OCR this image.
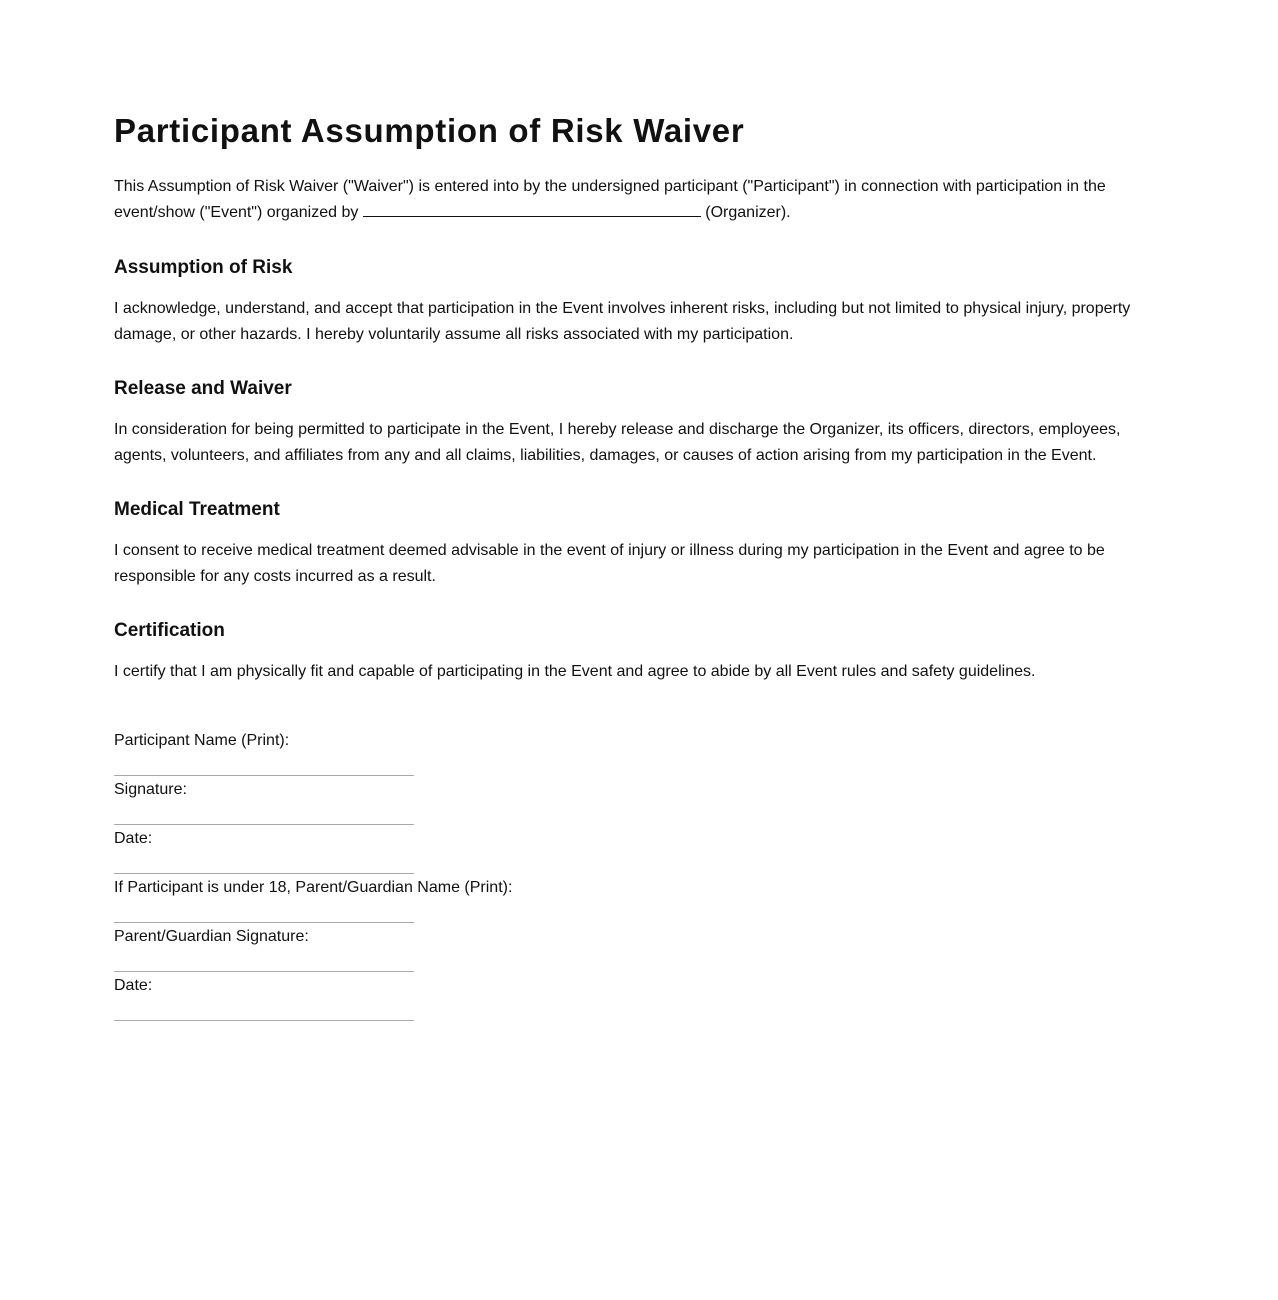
Participant Assumption of Risk Waiver

This Assumption of Risk Waiver ("Waiver") is entered into by the undersigned participant ("Participant") in connection with participation in the event/show ("Event") organized by	(Organizer).

Assumption of Risk

I acknowledge, understand, and accept that participation in the Event involves inherent risks, including but not limited to physical injury, property damage, or other hazards. I hereby voluntarily assume all risks associated with my participation.

Release and Waiver

In consideration for being permitted to participate in the Event, I hereby release and discharge the Organizer, its officers, directors, employees, agents, volunteers, and affiliates from any and all claims, liabilities, damages, or causes of action arising from my participation in the Event.

Medical Treatment

I consent to receive medical treatment deemed advisable in the event of injury or illness during my participation in the Event and agree to be responsible for any costs incurred as a result.

Certification

I certify that I am physically fit and capable of participating in the Event and agree to abide by all Event rules and safety guidelines.

Participant Name (Print):
Signature:
Date:
If Participant is under 18, Parent/Guardian Name (Print):
Parent/Guardian Signature:
Date:
